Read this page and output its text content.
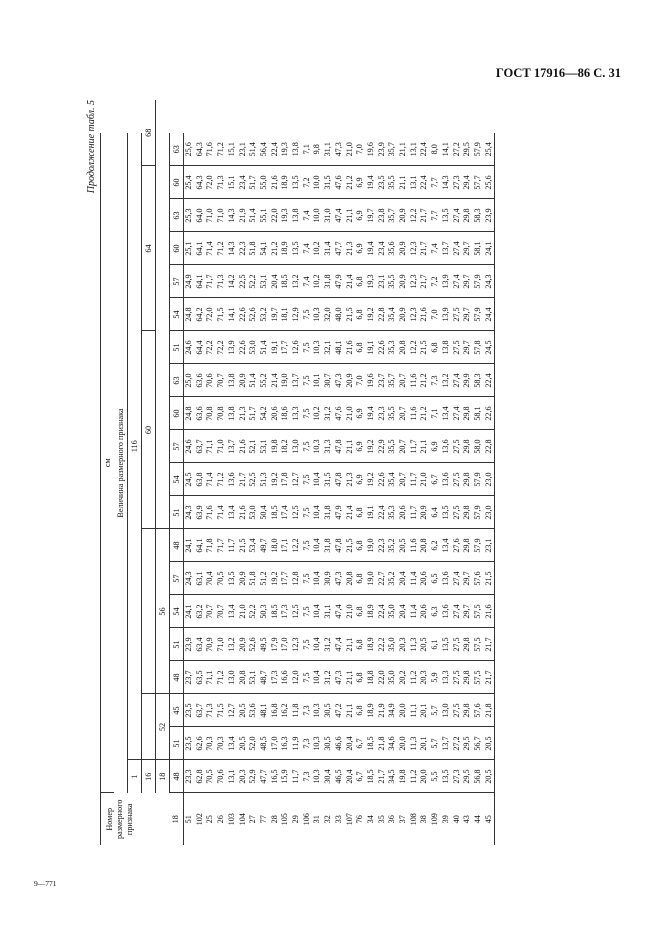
ГОСТ 17916—86 С. 31
Продолжение табл. 5
Номер размерного признака	см																			
	Величина размерного признака																			
	1	116																		
	16								60						64					68
	18	52		56																
18	48	51	45	48	51	54	57	48	51	54	57	60	63	51	54	57	60	63	60	63
51	23,3	23,5	23,5	23,7	23,9	24,1	24,3	24,1	24,3	24,5	24,6	24,8	25,0	24,6	24,8	24,9	25,1	25,3	25,4	25,6
102	62,8	62,6	63,7	63,5	63,4	63,2	63,1	64,1	63,9	63,8	63,7	63,6	63,6	64,4	64,2	64,1	64,1	64,0	64,3	64,3
25	70,5	70,3	71,3	71,1	70,9	70,7	70,4	71,8	71,6	71,4	71,1	70,8	70,6	72,2	72,0	71,7	71,4	71,0	72,0	71,6
26	70,6	70,3	71,5	71,2	71,0	70,7	70,5	71,7	71,4	71,2	71,0	70,8	70,7	72,2	71,5	71,3	71,2	71,0	71,3	71,2
103	13,1	13,4	12,7	13,0	13,2	13,4	13,5	11,7	13,4	13,6	13,7	13,8	13,8	13,9	14,1	14,2	14,3	14,3	15,1	15,1
104	20,3	20,5	20,5	20,8	20,9	21,0	20,9	21,5	21,6	21,7	21,6	21,3	20,9	22,6	22,6	22,5	22,3	21,9	23,4	23,1
27	52,9	52,0	53,6	53,1	52,6	52,2	51,8	53,4	53,0	52,5	52,1	51,7	51,4	53,0	52,6	52,2	51,8	51,4	51,7	51,4
77	47,7	48,5	48,1	48,7	49,5	50,3	51,2	49,7	50,4	51,3	53,1	54,2	55,2	51,4	53,2	53,1	54,1	55,1	55,0	56,4
28	16,5	17,0	16,8	17,3	17,9	18,5	19,2	18,0	18,5	19,2	19,8	20,6	21,4	19,1	19,7	20,4	21,2	22,0	21,6	22,4
105	15,9	16,3	16,2	16,6	17,0	17,3	17,7	17,1	17,4	17,8	18,2	18,6	19,0	17,7	18,1	18,5	18,9	19,3	18,9	19,3
29	11,7	11,9	11,8	12,0	12,3	12,5	12,8	12,2	12,5	12,7	13,0	13,3	13,7	12,6	12,9	13,2	13,5	13,8	13,5	13,8
106	7,3	7,3	7,3	7,5	7,5	7,5	7,5	7,5	7,5	7,5	7,5	7,5	7,5	7,5	7,5	7,4	7,4	7,4	7,2	7,1
31	10,3	10,3	10,3	10,4	10,4	10,4	10,4	10,4	10,4	10,4	10,3	10,2	10,1	10,3	10,3	10,2	10,2	10,0	10,0	9,8
32	30,4	30,5	30,5	31,2	31,2	31,1	30,9	31,8	31,8	31,5	31,3	31,2	30,7	32,1	32,0	31,8	31,4	31,0	31,5	31,1
33	46,5	46,6	47,2	47,3	47,4	47,4	47,3	47,8	47,9	47,8	47,8	47,6	47,3	48,1	48,0	47,9	47,7	47,4	47,6	47,3
107	20,4	20,4	21,1	21,1	21,1	21,0	20,8	21,5	21,4	21,3	21,1	21,0	20,9	21,6	21,5	21,4	21,3	21,1	21,2	21,0
76	6,7	6,7	6,8	6,8	6,8	6,8	6,8	6,8	6,8	6,9	6,9	6,9	7,0	6,8	6,8	6,8	6,9	6,9	6,9	7,0
34	18,5	18,5	18,9	18,8	18,9	18,9	19,0	19,0	19,1	19,2	19,2	19,4	19,6	19,1	19,2	19,3	19,4	19,7	19,4	19,6
35	21,7	21,8	21,9	22,0	22,2	22,4	22,7	22,3	22,4	22,6	22,9	23,3	23,7	22,6	22,8	23,1	23,4	23,8	23,5	23,9
36	34,5	34,6	34,9	35,0	35,0	35,0	35,2	35,2	35,3	35,4	35,5	35,5	35,7	35,3	35,4	35,5	35,6	35,7	35,5	35,7
37	19,8	20,0	20,0	20,2	20,3	20,4	20,4	20,5	20,6	20,7	20,7	20,7	20,7	20,8	20,9	20,9	20,9	20,9	21,1	21,1
108	11,2	11,3	11,1	11,2	11,3	11,4	11,4	11,6	11,7	11,7	11,7	11,6	11,6	12,2	12,3	12,3	12,3	12,2	13,1	13,1
38	20,0	20,1	20,1	20,3	20,5	20,6	20,6	20,8	20,9	21,0	21,1	21,2	21,2	21,5	21,6	21,7	21,7	21,7	22,4	22,4
109	5,5	5,7	5,7	5,9	6,1	6,3	6,5	6,2	6,4	6,7	6,9	7,1	7,3	6,8	7,0	7,2	7,4	7,7	7,7	8,0
39	13,5	13,7	13,0	13,3	13,5	13,6	13,6	13,4	13,5	13,6	13,6	13,4	13,2	13,8	13,9	13,9	13,7	13,5	14,3	14,1
40	27,3	27,2	27,5	27,5	27,5	27,4	27,4	27,6	27,5	27,5	27,5	27,4	27,4	27,5	27,5	27,4	27,4	27,4	27,3	27,2
43	29,5	29,5	29,8	29,8	29,8	29,7	29,7	29,8	29,8	29,8	29,8	29,8	29,9	29,7	29,7	29,7	29,7	29,8	29,4	29,5
44	56,8	56,7	57,6	57,5	57,5	57,5	57,6	57,9	57,9	57,9	58,0	58,1	58,3	57,8	57,9	57,9	58,1	58,3	57,7	57,9
45	20,5	20,5	21,8	21,7	21,7	21,6	21,5	23,1	23,0	23,0	22,8	22,6	22,4	24,5	24,4	24,3	24,1	23,9	25,6	25,4
9—771
